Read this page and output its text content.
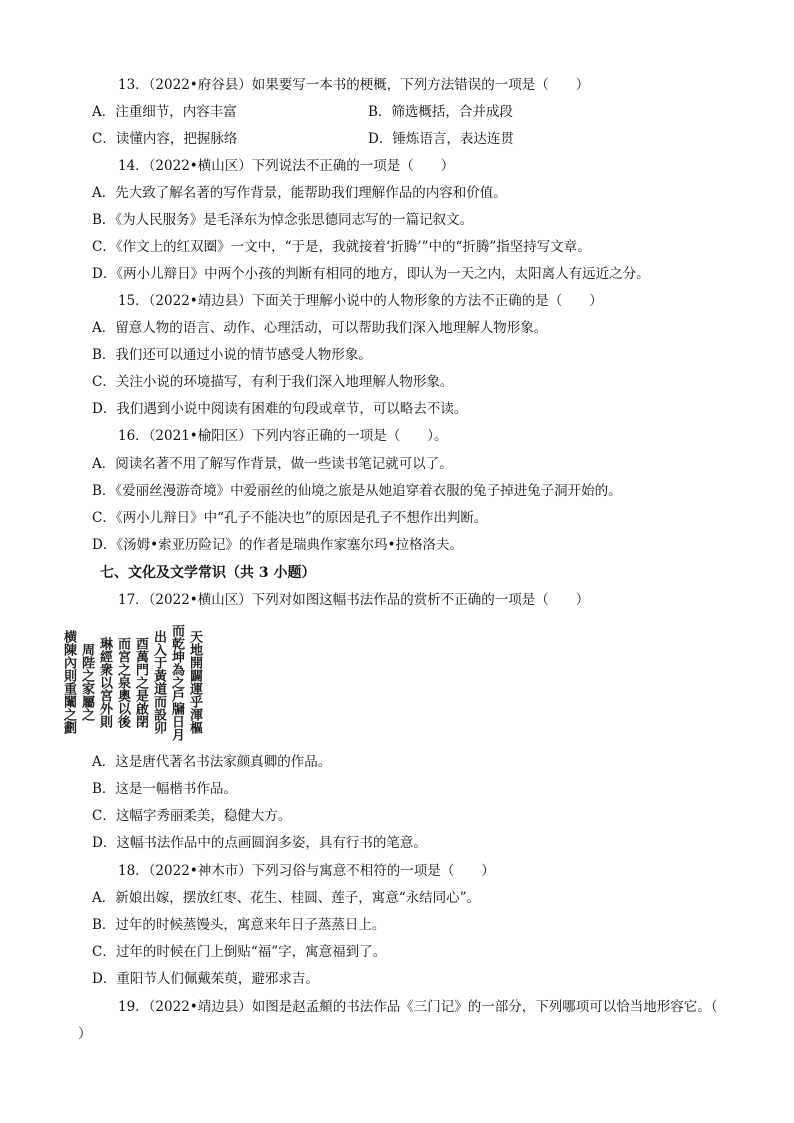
13．（2022•府谷县）如果要写一本书的梗概，下列方法错误的一项是（　　）
A．注重细节，内容丰富	B．筛选概括，合并成段
C．读懂内容，把握脉络	D．锤炼语言，表达连贯
14．（2022•横山区）下列说法不正确的一项是（　　）
A．先大致了解名著的写作背景，能帮助我们理解作品的内容和价值。
B．《为人民服务》是毛泽东为悼念张思德同志写的一篇记叙文。
C．《作文上的红双圈》一文中，“于是，我就接着‘折腾’”中的“折腾”指坚持写文章。
D．《两小儿辩日》中两个小孩的判断有相同的地方，即认为一天之内，太阳离人有远近之分。
15．（2022•靖边县）下面关于理解小说中的人物形象的方法不正确的是（　　）
A．留意人物的语言、动作、心理活动，可以帮助我们深入地理解人物形象。
B．我们还可以通过小说的情节感受人物形象。
C．关注小说的环境描写，有利于我们深入地理解人物形象。
D．我们遇到小说中阅读有困难的句段或章节，可以略去不读。
16．（2021•榆阳区）下列内容正确的一项是（　　）。
A．阅读名著不用了解写作背景，做一些读书笔记就可以了。
B．《爱丽丝漫游奇境》中爱丽丝的仙境之旅是从她追穿着衣服的兔子掉进兔子洞开始的。
C．《两小儿辩日》中“孔子不能决也”的原因是孔子不想作出判断。
D．《汤姆•索亚历险记》的作者是瑞典作家塞尔玛•拉格洛夫。
七、文化及文学常识（共 3 小题）
17．（2022•横山区）下列对如图这幅书法作品的赏析不正确的一项是（　　）
天地開闢運乎渾樞
而乾坤為之戶牖日月
出入于黃道而設卯
酉萬門之是啟閉
而宮之泉奧以後
琳經衆以宮外則
周陛之家屬之
横陳內則重闈之劃
A．这是唐代著名书法家颜真卿的作品。
B．这是一幅楷书作品。
C．这幅字秀丽柔美，稳健大方。
D．这幅书法作品中的点画圆润多姿，具有行书的笔意。
18．（2022•神木市）下列习俗与寓意不相符的一项是（　　）
A．新娘出嫁，摆放红枣、花生、桂圆、莲子，寓意“永结同心”。
B．过年的时候蒸馒头，寓意来年日子蒸蒸日上。
C．过年的时候在门上倒贴“福”字，寓意福到了。
D．重阳节人们佩戴茱萸，避邪求吉。
19．（2022•靖边县）如图是赵孟頫的书法作品《三门记》的一部分，下列哪项可以恰当地形容它。（
）
